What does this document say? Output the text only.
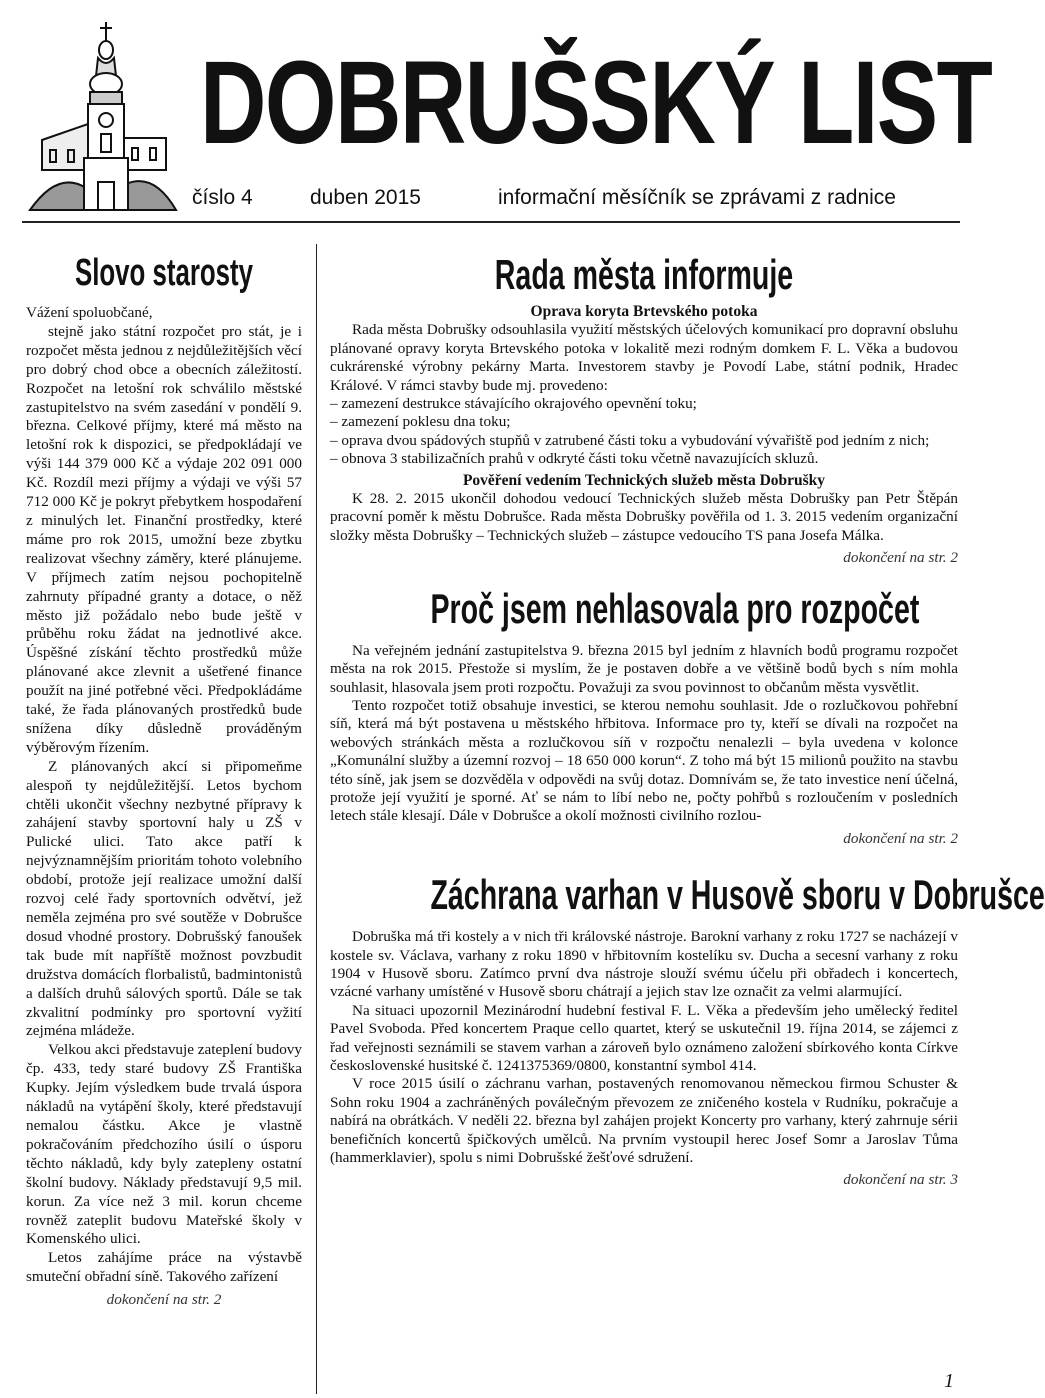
DOBRUŠSKÝ LIST
číslo 4	duben 2015	informační měsíčník se zprávami z radnice
Slovo starosty

Vážení spoluobčané,

stejně jako státní rozpočet pro stát, je i rozpočet města jednou z nejdůležitějších věcí pro dobrý chod obce a obecních záležitostí. Rozpočet na letošní rok schválilo městské zastupitelstvo na svém zasedání v pondělí 9. března. Celkové příjmy, které má město na letošní rok k dispozici, se předpokládají ve výši 144 379 000 Kč a výdaje 202 091 000 Kč. Rozdíl mezi příjmy a výdaji ve výši 57 712 000 Kč je pokryt přebytkem hospodaření z minulých let. Finanční prostředky, které máme pro rok 2015, umožní beze zbytku realizovat všechny záměry, které plánujeme. V příjmech zatím nejsou pochopitelně zahrnuty případné granty a dotace, o něž město již požádalo nebo bude ještě v průběhu roku žádat na jednotlivé akce. Úspěšné získání těchto prostředků může plánované akce zlevnit a ušetřené finance použít na jiné potřebné věci. Předpokládáme také, že řada plánovaných prostředků bude snížena díky důsledně prováděným výběrovým řízením.

Z plánovaných akcí si připomeňme alespoň ty nejdůležitější. Letos bychom chtěli ukončit všechny nezbytné přípravy k zahájení stavby sportovní haly u ZŠ v Pulické ulici. Tato akce patří k nejvýznamnějším prioritám tohoto volebního období, protože její realizace umožní další rozvoj celé řady sportovních odvětví, jež neměla zejména pro své soutěže v Dobrušce dosud vhodné prostory. Dobrušský fanoušek tak bude mít napříště možnost povzbudit družstva domácích florbalistů, badmintonistů a dalších druhů sálových sportů. Dále se tak zkvalitní podmínky pro sportovní vyžití zejména mládeže.

Velkou akci představuje zateplení budovy čp. 433, tedy staré budovy ZŠ Františka Kupky. Jejím výsledkem bude trvalá úspora nákladů na vytápění školy, které představují nemalou částku. Akce je vlastně pokračováním předchozího úsilí o úsporu těchto nákladů, kdy byly zatepleny ostatní školní budovy. Náklady představují 9,5 mil. korun. Za více než 3 mil. korun chceme rovněž zateplit budovu Mateřské školy v Komenského ulici.

Letos zahájíme práce na výstavbě smuteční obřadní síně. Takového zařízení

dokončení na str. 2

Rada města informuje

Oprava koryta Brtevského potoka

Rada města Dobrušky odsouhlasila využití městských účelových komunikací pro dopravní obsluhu plánované opravy koryta Brtevského potoka v lokalitě mezi rodným domkem F. L. Věka a budovou cukrárenské výrobny pekárny Marta. Investorem stavby je Povodí Labe, státní podnik, Hradec Králové. V rámci stavby bude mj. provedeno:

– zamezení destrukce stávajícího okrajového opevnění toku;

– zamezení poklesu dna toku;

– oprava dvou spádových stupňů v zatrubené části toku a vybudování vývařiště pod jedním z nich;

– obnova 3 stabilizačních prahů v odkryté části toku včetně navazujících skluzů.

Pověření vedením Technických služeb města Dobrušky

K 28. 2. 2015 ukončil dohodou vedoucí Technických služeb města Dobrušky pan Petr Štěpán pracovní poměr k městu Dobrušce. Rada města Dobrušky pověřila od 1. 3. 2015 vedením organizační složky města Dobrušky – Technických služeb – zástupce vedoucího TS pana Josefa Málka.

dokončení na str. 2

Proč jsem nehlasovala pro rozpočet

Na veřejném jednání zastupitelstva 9. března 2015 byl jedním z hlavních bodů programu rozpočet města na rok 2015. Přestože si myslím, že je postaven dobře a ve většině bodů bych s ním mohla souhlasit, hlasovala jsem proti rozpočtu. Považuji za svou povinnost to občanům města vysvětlit.

Tento rozpočet totiž obsahuje investici, se kterou nemohu souhlasit. Jde o rozlučkovou pohřební síň, která má být postavena u městského hřbitova. Informace pro ty, kteří se dívali na rozpočet na webových stránkách města a rozlučkovou síň v rozpočtu nenalezli – byla uvedena v kolonce „Komunální služby a územní rozvoj – 18 650 000 korun“. Z toho má být 15 milionů použito na stavbu této síně, jak jsem se dozvěděla v odpovědi na svůj dotaz. Domnívám se, že tato investice není účelná, protože její využití je sporné. Ať se nám to líbí nebo ne, počty pohřbů s rozloučením v posledních letech stále klesají. Dále v Dobrušce a okolí možnosti civilního rozlou-

dokončení na str. 2

Záchrana varhan v Husově sboru v Dobrušce

Dobruška má tři kostely a v nich tři královské nástroje. Barokní varhany z roku 1727 se nacházejí v kostele sv. Václava, varhany z roku 1890 v hřbitovním kostelíku sv. Ducha a secesní varhany z roku 1904 v Husově sboru. Zatímco první dva nástroje slouží svému účelu při obřadech i koncertech, vzácné varhany umístěné v Husově sboru chátrají a jejich stav lze označit za velmi alarmující.

Na situaci upozornil Mezinárodní hudební festival F. L. Věka a především jeho umělecký ředitel Pavel Svoboda. Před koncertem Praque cello quartet, který se uskutečnil 19. října 2014, se zájemci z řad veřejnosti seznámili se stavem varhan a zároveň bylo oznámeno založení sbírkového konta Církve československé husitské č. 1241375369/0800, konstantní symbol 414.

V roce 2015 úsilí o záchranu varhan, postavených renomovanou německou firmou Schuster & Sohn roku 1904 a zachráněných poválečným převozem ze zničeného kostela v Rudníku, pokračuje a nabírá na obrátkách. V neděli 22. března byl zahájen projekt Koncerty pro varhany, který zahrnuje sérii benefičních koncertů špičkových umělců. Na prvním vystoupil herec Josef Somr a Jaroslav Tůma (hammerklavier), spolu s nimi Dobrušské žešťové sdružení.

dokončení na str. 3

1
